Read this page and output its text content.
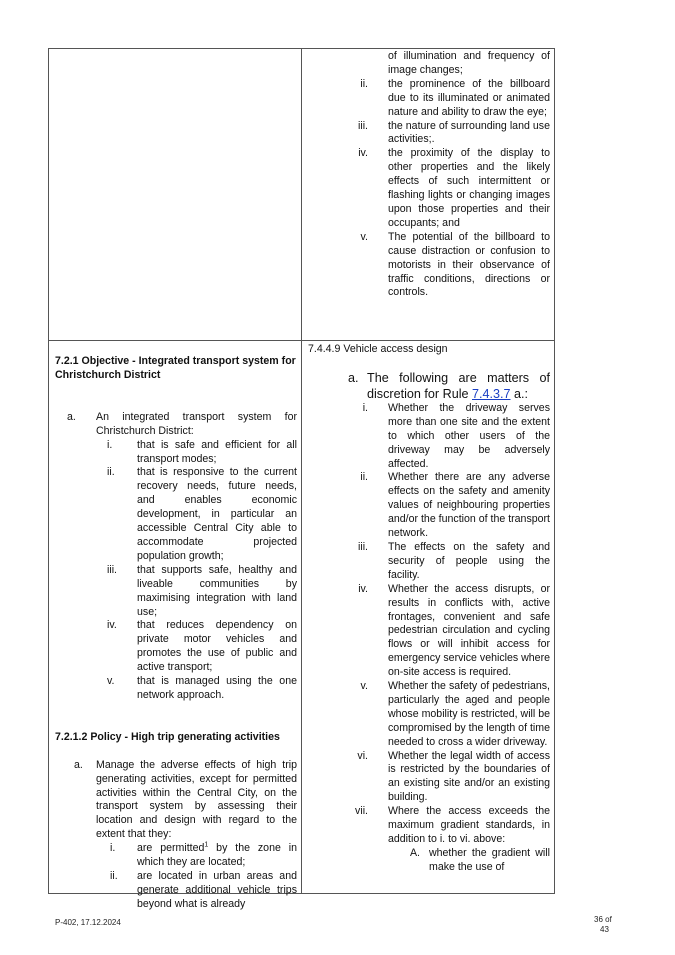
of illumination and frequency of image changes;
ii. the prominence of the billboard due to its illuminated or animated nature and ability to draw the eye;
iii. the nature of surrounding land use activities;.
iv. the proximity of the display to other properties and the likely effects of such intermittent or flashing lights or changing images upon those properties and their occupants; and
v. The potential of the billboard to cause distraction or confusion to motorists in their observance of traffic conditions, directions or controls.
7.2.1 Objective - Integrated transport system for Christchurch District
a.	An integrated transport system for Christchurch District:
i.	that is safe and efficient for all transport modes;
ii.	that is responsive to the current recovery needs, future needs, and enables economic development, in particular an accessible Central City able to accommodate projected population growth;
iii.	that supports safe, healthy and liveable communities by maximising integration with land use;
iv.	that reduces dependency on private motor vehicles and promotes the use of public and active transport;
v.	that is managed using the one network approach.
7.2.1.2 Policy - High trip generating activities
a. Manage the adverse effects of high trip generating activities, except for permitted activities within the Central City, on the transport system by assessing their location and design with regard to the extent that they:
i.	are permitted$^1$ by the zone in which they are located;
ii.	are located in urban areas and generate additional vehicle trips beyond what is already
7.4.4.9 Vehicle access design
a. The following are matters of discretion for Rule 7.4.3.7 a.:
i. Whether the driveway serves more than one site and the extent to which other users of the driveway may be adversely affected.
ii. Whether there are any adverse effects on the safety and amenity values of neighbouring properties and/or the function of the transport network.
iii. The effects on the safety and security of people using the facility.
iv. Whether the access disrupts, or results in conflicts with, active frontages, convenient and safe pedestrian circulation and cycling flows or will inhibit access for emergency service vehicles where on-site access is required.
v. Whether the safety of pedestrians, particularly the aged and people whose mobility is restricted, will be compromised by the length of time needed to cross a wider driveway.
vi. Whether the legal width of access is restricted by the boundaries of an existing site and/or an existing building.
vii. Where the access exceeds the maximum gradient standards, in addition to i. to vi. above:
A. whether the gradient will make the use of
P-402, 17.12.2024	36 of
43
